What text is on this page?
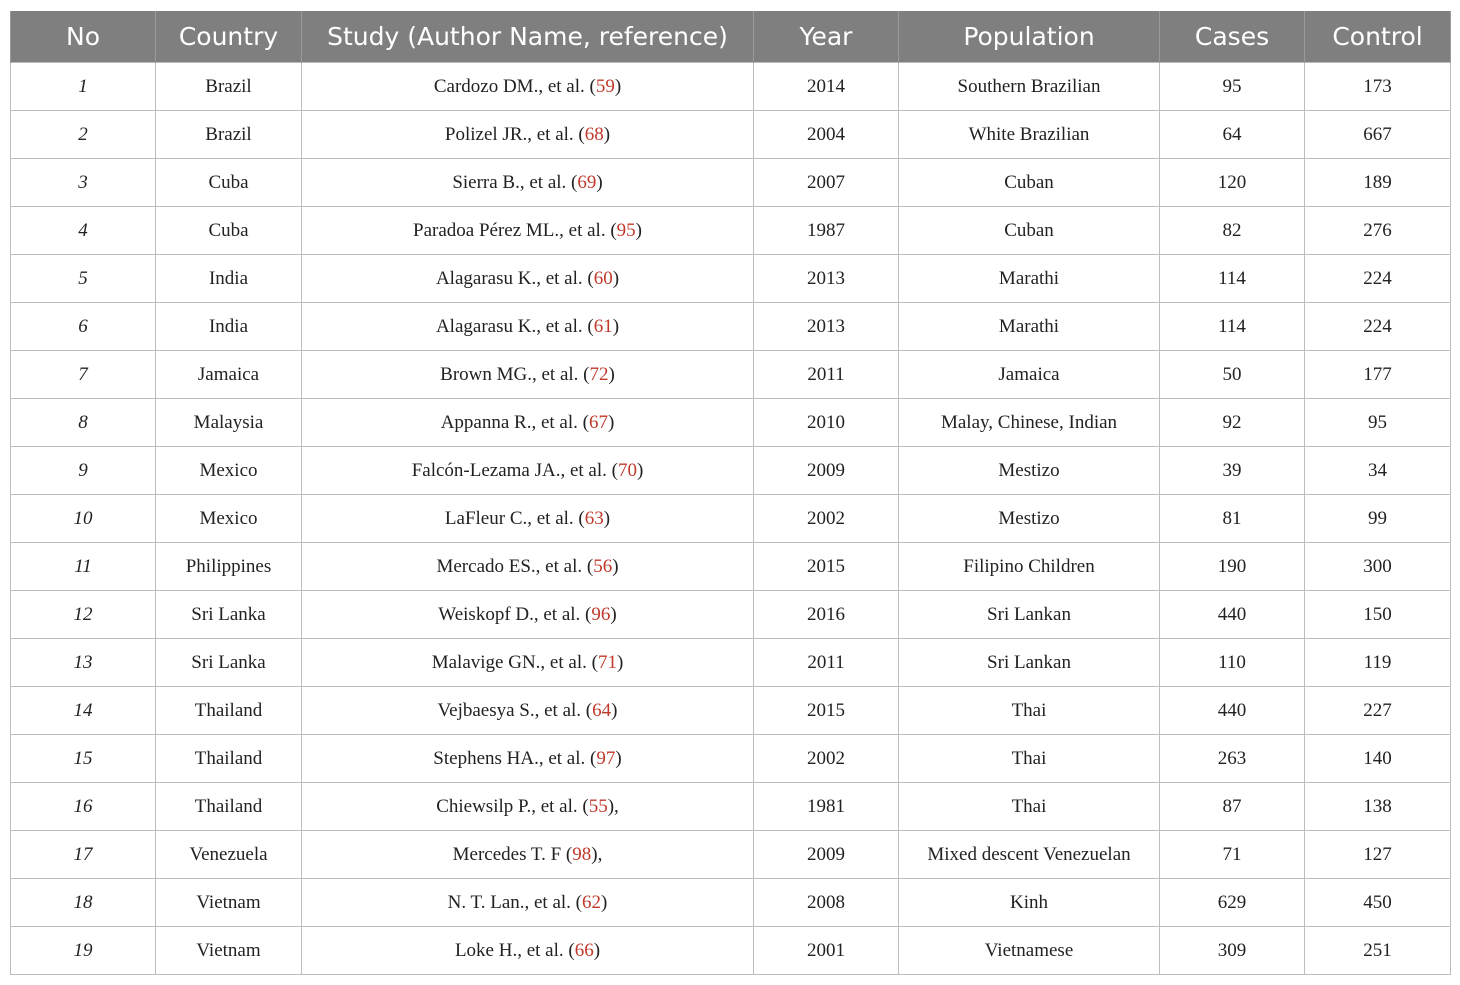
No	Country	Study (Author Name, reference)	Year	Population	Cases	Control
1	Brazil	Cardozo DM., et al. (59)	2014	Southern Brazilian	95	173
2	Brazil	Polizel JR., et al. (68)	2004	White Brazilian	64	667
3	Cuba	Sierra B., et al. (69)	2007	Cuban	120	189
4	Cuba	Paradoa Pérez ML., et al. (95)	1987	Cuban	82	276
5	India	Alagarasu K., et al. (60)	2013	Marathi	114	224
6	India	Alagarasu K., et al. (61)	2013	Marathi	114	224
7	Jamaica	Brown MG., et al. (72)	2011	Jamaica	50	177
8	Malaysia	Appanna R., et al. (67)	2010	Malay, Chinese, Indian	92	95
9	Mexico	Falcón-Lezama JA., et al. (70)	2009	Mestizo	39	34
10	Mexico	LaFleur C., et al. (63)	2002	Mestizo	81	99
11	Philippines	Mercado ES., et al. (56)	2015	Filipino Children	190	300
12	Sri Lanka	Weiskopf D., et al. (96)	2016	Sri Lankan	440	150
13	Sri Lanka	Malavige GN., et al. (71)	2011	Sri Lankan	110	119
14	Thailand	Vejbaesya S., et al. (64)	2015	Thai	440	227
15	Thailand	Stephens HA., et al. (97)	2002	Thai	263	140
16	Thailand	Chiewsilp P., et al. (55),	1981	Thai	87	138
17	Venezuela	Mercedes T. F (98),	2009	Mixed descent Venezuelan	71	127
18	Vietnam	N. T. Lan., et al. (62)	2008	Kinh	629	450
19	Vietnam	Loke H., et al. (66)	2001	Vietnamese	309	251
